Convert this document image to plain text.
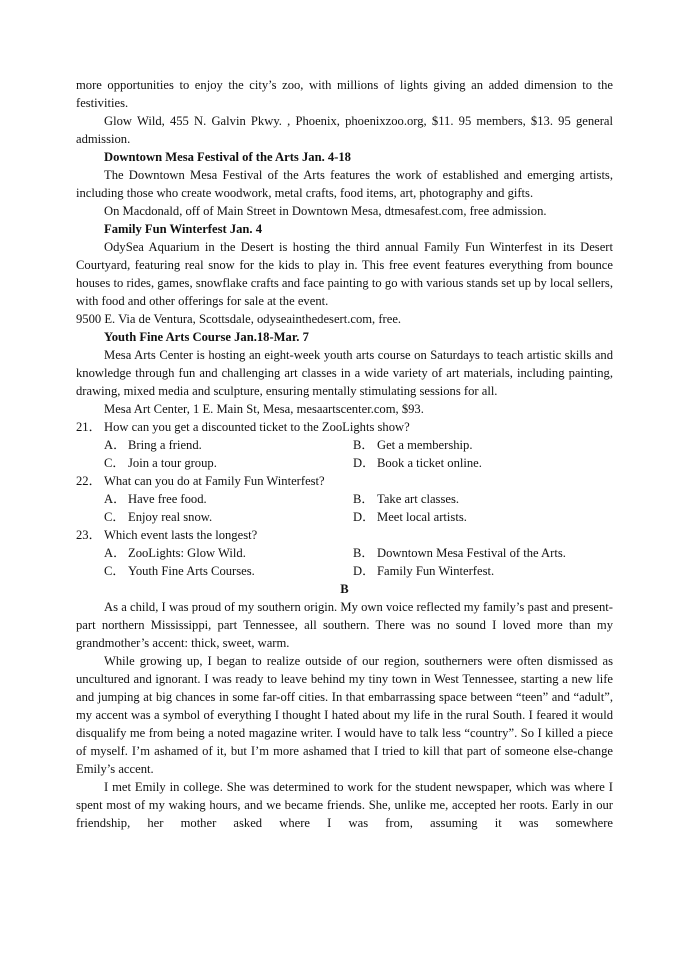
more opportunities to enjoy the city’s zoo, with millions of lights giving an added dimension to the festivities.

Glow Wild, 455 N. Galvin Pkwy. , Phoenix, phoenixzoo.org, $11. 95 members, $13. 95 general admission.

Downtown Mesa Festival of the Arts Jan. 4-18

The Downtown Mesa Festival of the Arts features the work of established and emerging artists, including those who create woodwork, metal crafts, food items, art, photography and gifts.

On Macdonald, off of Main Street in Downtown Mesa, dtmesafest.com, free admission.

Family Fun Winterfest Jan. 4

OdySea Aquarium in the Desert is hosting the third annual Family Fun Winterfest in its Desert Courtyard, featuring real snow for the kids to play in. This free event features everything from bounce houses to rides, games, snowflake crafts and face painting to go with various stands set up by local sellers, with food and other offerings for sale at the event.

9500 E. Via de Ventura, Scottsdale, odyseainthedesert.com, free.

Youth Fine Arts Course Jan.18-Mar. 7

Mesa Arts Center is hosting an eight-week youth arts course on Saturdays to teach artistic skills and knowledge through fun and challenging art classes in a wide variety of art materials, including painting, drawing, mixed media and sculpture, ensuring mentally stimulating sessions for all.

Mesa Art Center, 1 E. Main St, Mesa, mesaartscenter.com, $93.

21． How can you get a discounted ticket to the ZooLights show?

A． Bring a friend.	B． Get a membership.
C． Join a tour group.	D． Book a ticket online.

22． What can you do at Family Fun Winterfest?

A． Have free food.	B． Take art classes.
C． Enjoy real snow.	D． Meet local artists.

23． Which event lasts the longest?

A． ZooLights: Glow Wild.	B． Downtown Mesa Festival of the Arts.
C． Youth Fine Arts Courses.	D． Family Fun Winterfest.

B

As a child, I was proud of my southern origin. My own voice reflected my family’s past and present-part northern Mississippi, part Tennessee, all southern. There was no sound I loved more than my grandmother’s accent: thick, sweet, warm.

While growing up, I began to realize outside of our region, southerners were often dismissed as uncultured and ignorant. I was ready to leave behind my tiny town in West Tennessee, starting a new life and jumping at big chances in some far-off cities. In that embarrassing space between “teen” and “adult”, my accent was a symbol of everything I thought I hated about my life in the rural South. I feared it would disqualify me from being a noted magazine writer. I would have to talk less “country”. So I killed a piece of myself. I’m ashamed of it, but I’m more ashamed that I tried to kill that part of someone else-change Emily’s accent.

I met Emily in college. She was determined to work for the student newspaper, which was where I spent most of my waking hours, and we became friends. She, unlike me, accepted her roots. Early in our friendship, her mother asked where I was from, assuming it was somewhere
